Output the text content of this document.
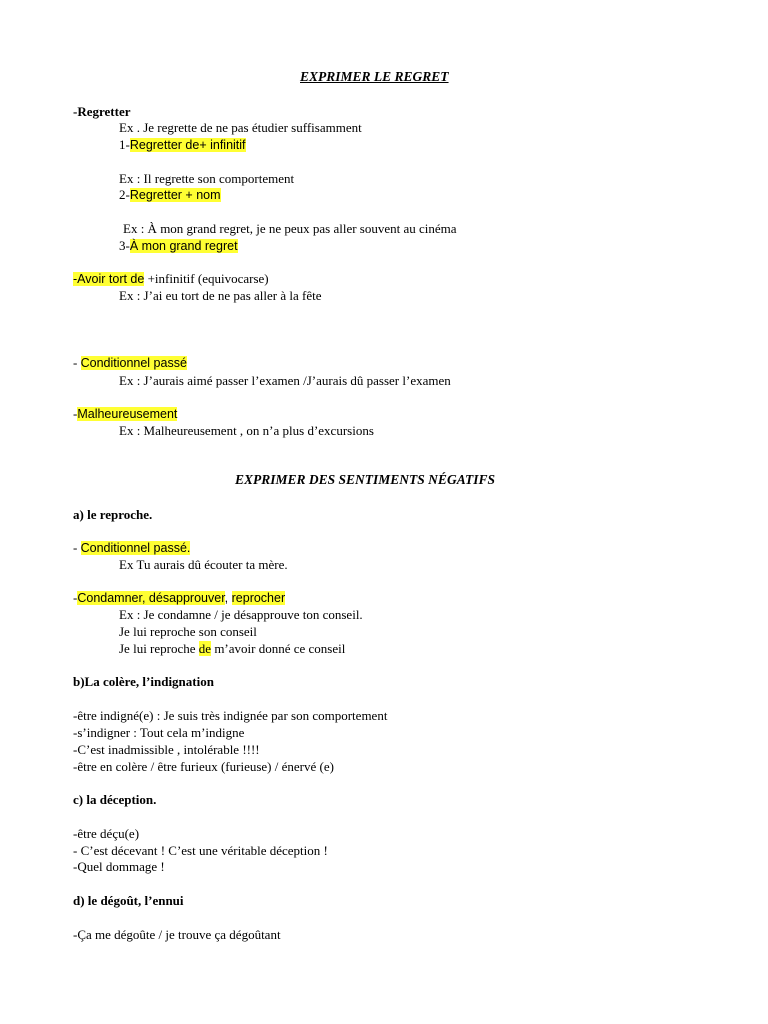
EXPRIMER LE REGRET
-Regretter
Ex . Je regrette de ne pas étudier suffisamment
1-Regretter de+ infinitif
Ex : Il regrette son comportement
2-Regretter + nom
Ex : À mon grand regret, je ne peux pas aller souvent au cinéma
3-À mon grand regret
-Avoir tort de +infinitif (equivocarse)
Ex : J’ai eu tort de ne pas aller à la fête
- Conditionnel passé
Ex : J’aurais aimé passer l’examen /J’aurais dû passer l’examen
-Malheureusement
Ex : Malheureusement , on n’a plus d’excursions
EXPRIMER DES SENTIMENTS NÉGATIFS
a) le reproche.
- Conditionnel passé.
Ex Tu aurais dû écouter ta mère.
-Condamner, désapprouver, reprocher
Ex : Je condamne / je désapprouve ton conseil.
Je lui reproche son conseil
Je lui reproche de m’avoir donné ce conseil
b)La colère, l’indignation
-être indigné(e) : Je suis très indignée par son comportement
-s’indigner : Tout cela m’indigne
-C’est inadmissible , intolérable !!!!
-être en colère / être furieux (furieuse) / énervé (e)
c) la déception.
-être déçu(e)
- C’est décevant ! C’est une véritable déception !
-Quel dommage !
d) le dégoût, l’ennui
-Ça me dégoûte / je trouve ça dégoûtant
